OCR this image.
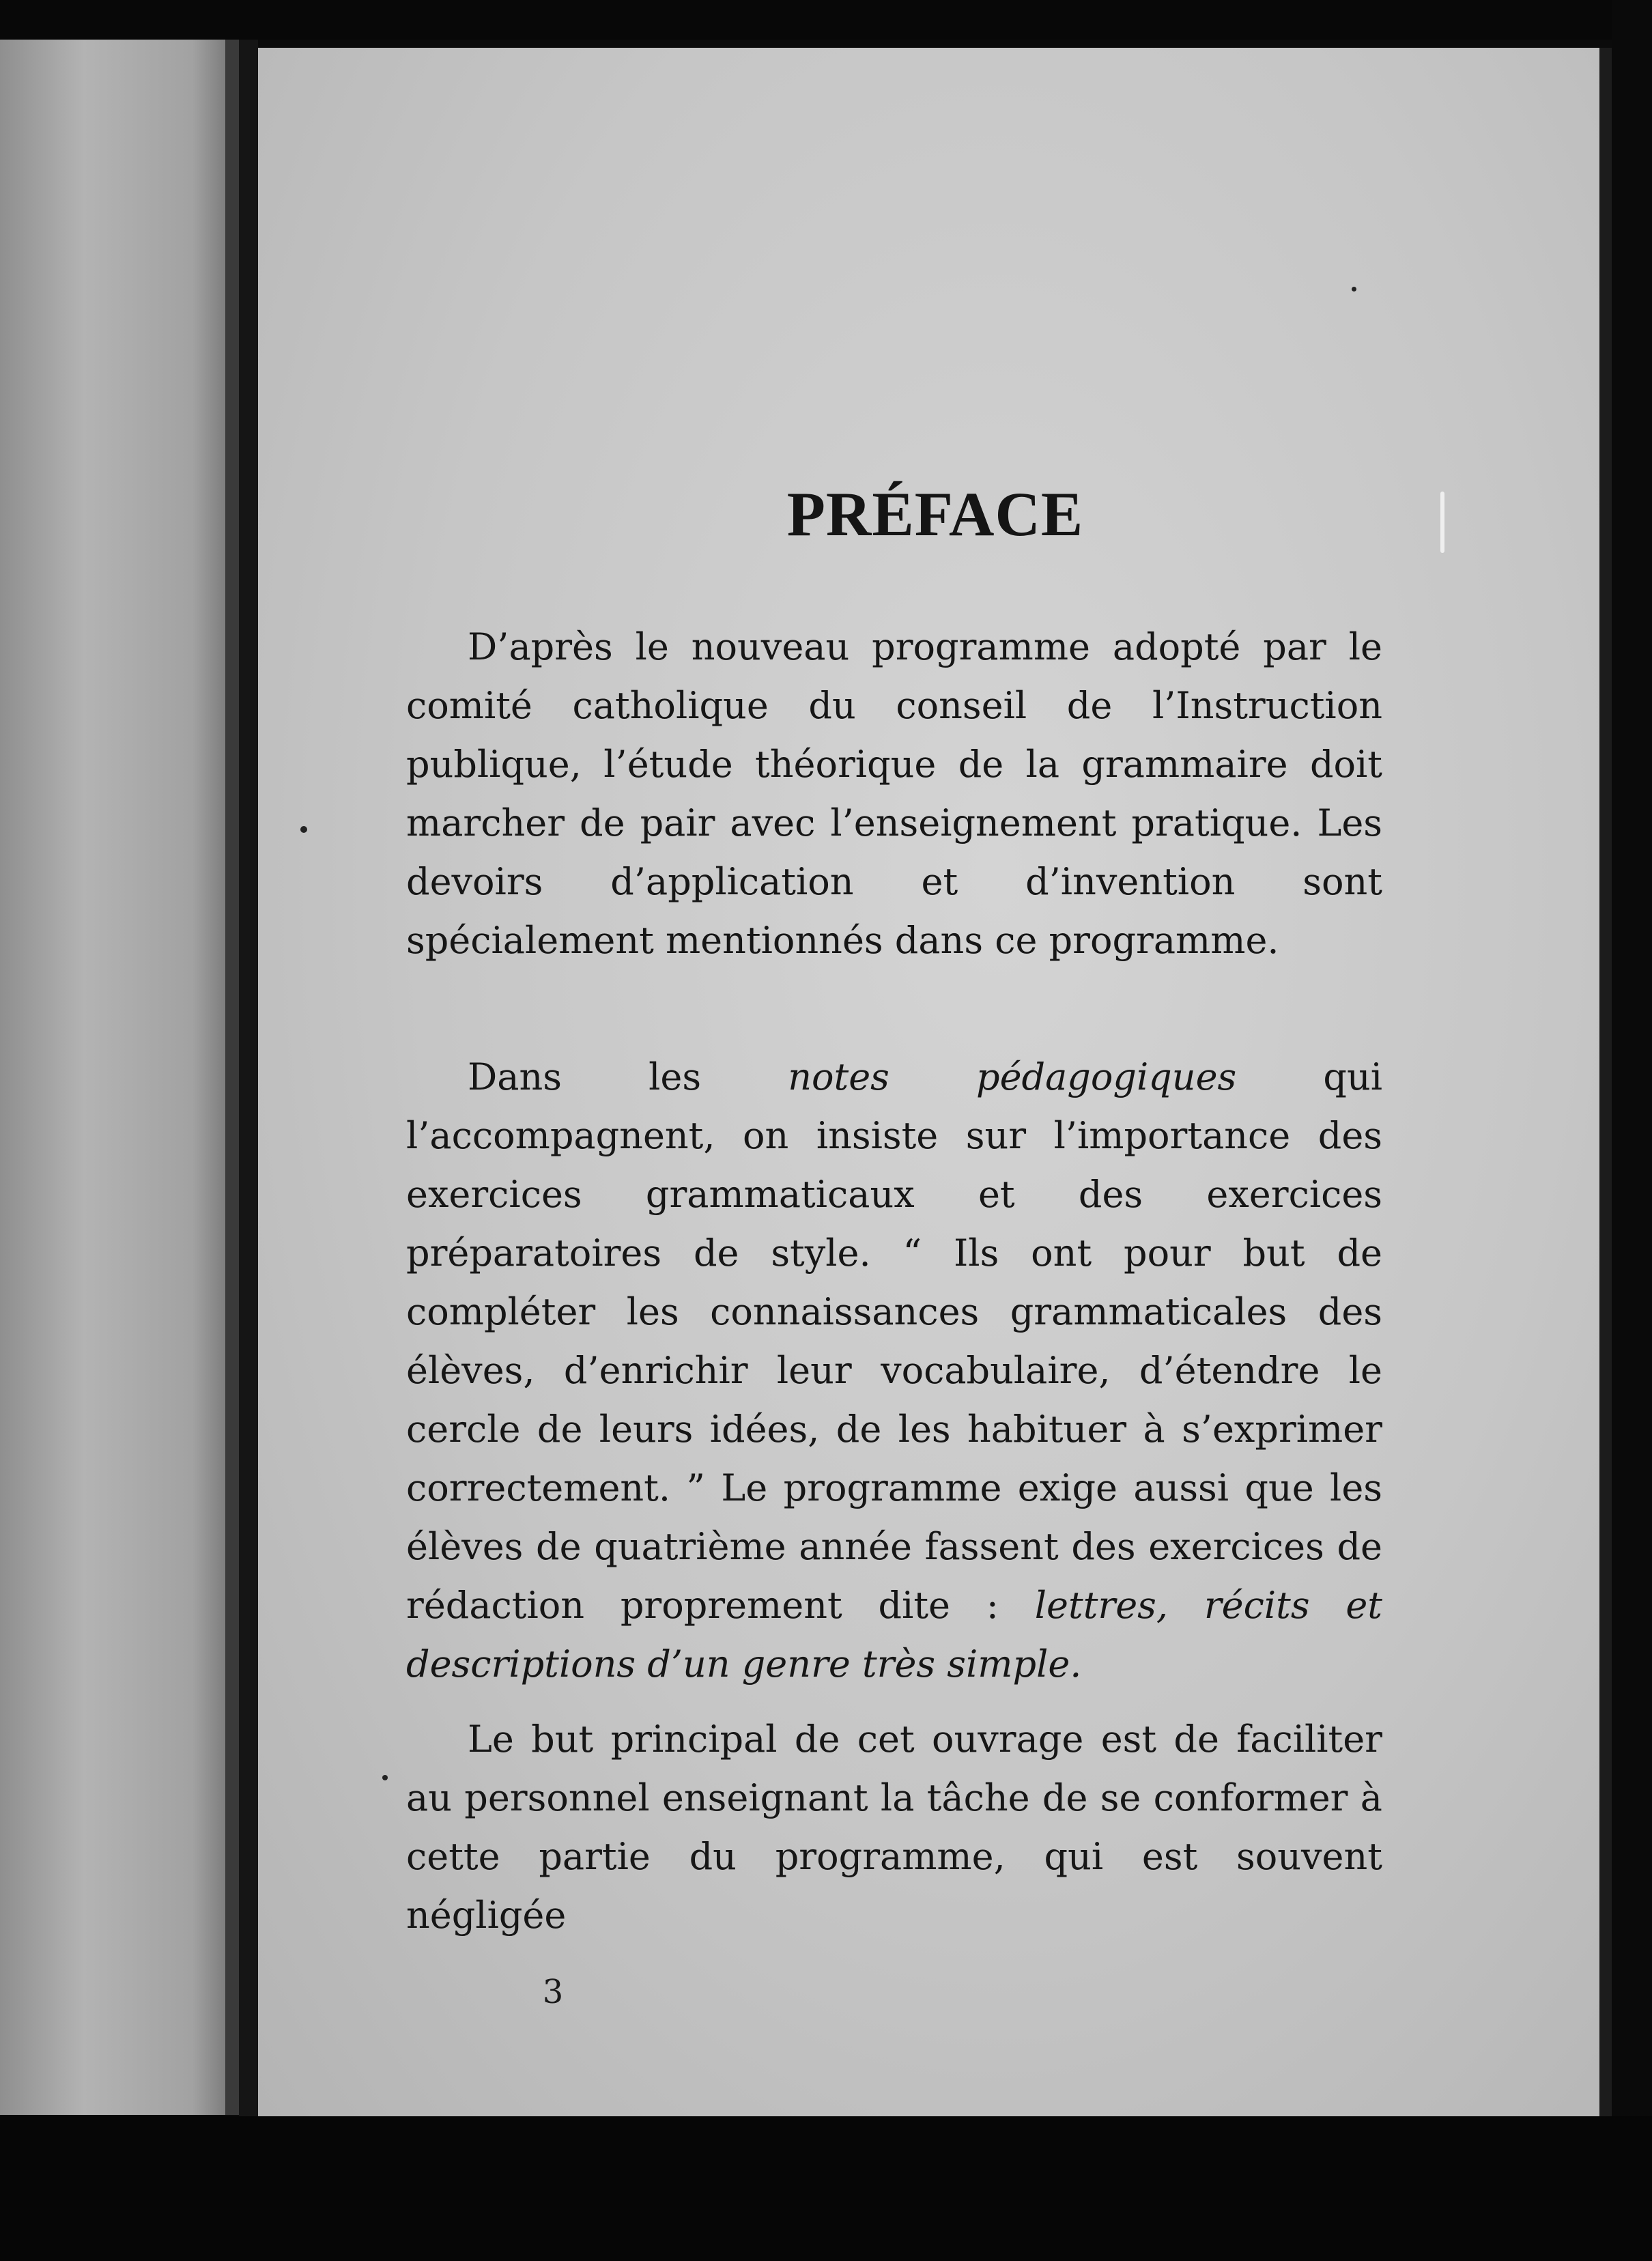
PRÉFACE

D’après le nouveau programme adopté par le comité catholique du conseil de l’Instruction publique, l’étude théorique de la grammaire doit marcher de pair avec l’enseignement pratique. Les devoirs d’application et d’invention sont spécialement mentionnés dans ce programme.

Dans les notes pédagogiques qui l’accompagnent, on insiste sur l’importance des exercices grammaticaux et des exercices préparatoires de style. “ Ils ont pour but de compléter les connaissances grammaticales des élèves, d’enrichir leur vocabulaire, d’étendre le cercle de leurs idées, de les habituer à s’exprimer correctement. ” Le programme exige aussi que les élèves de quatrième année fassent des exercices de rédaction proprement dite : lettres, récits et descriptions d’un genre très simple.

Le but principal de cet ouvrage est de faciliter au personnel enseignant la tâche de se conformer à cette partie du programme, qui est souvent négligée

3
